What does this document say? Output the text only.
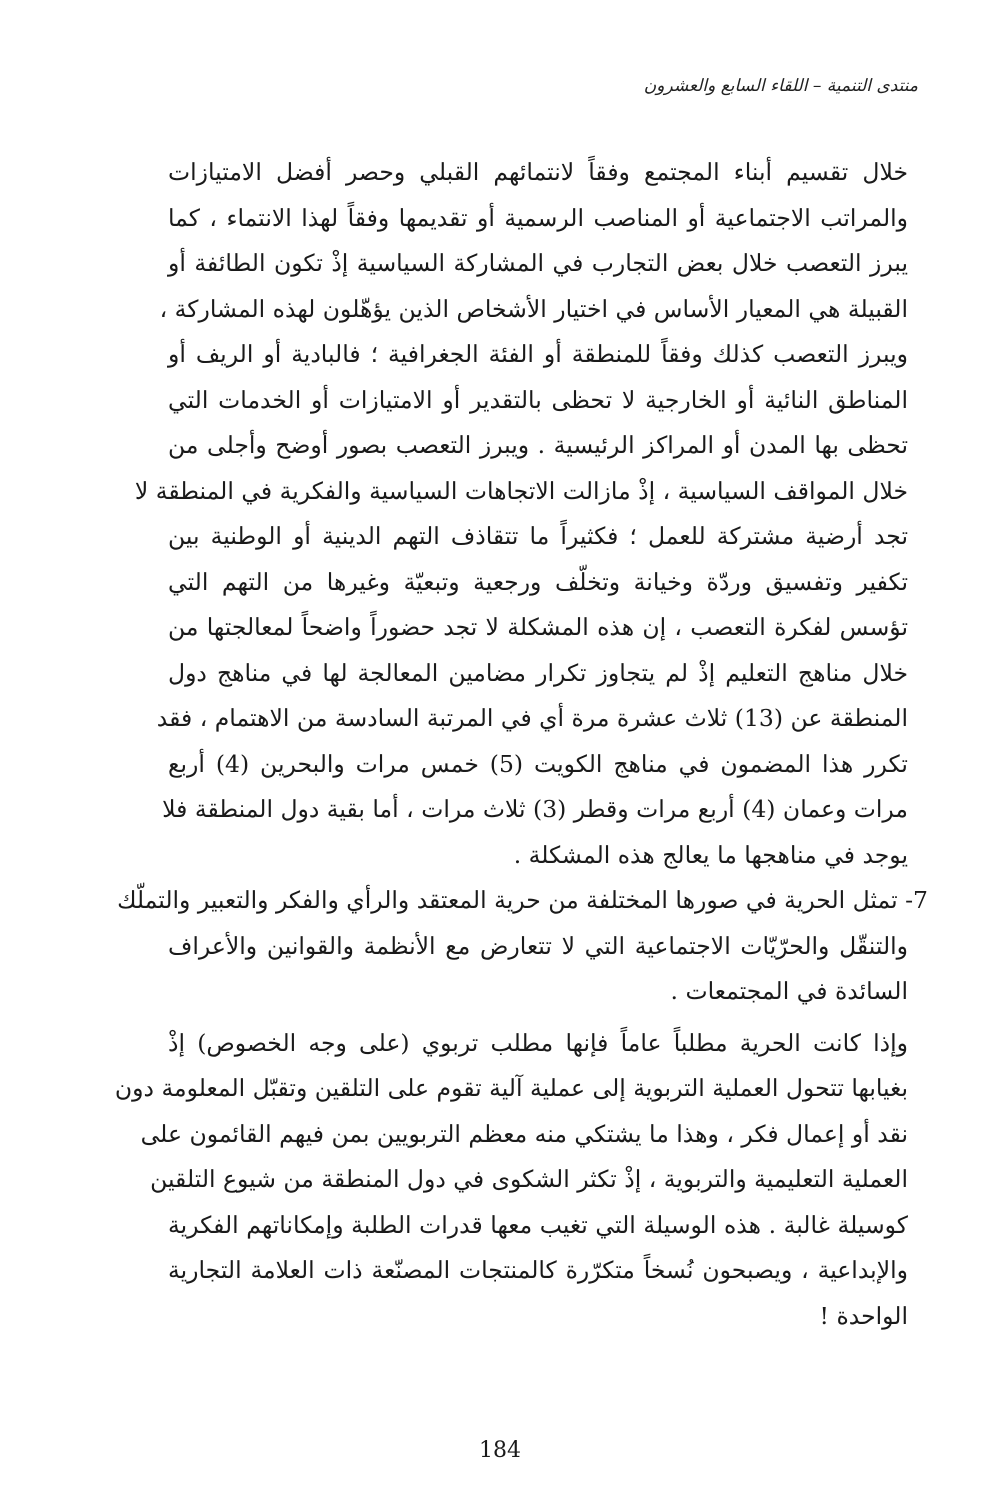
منتدى التنمية – اللقاء السابع والعشرون
خلال تقسيم أبناء المجتمع وفقاً لانتمائهم القبلي وحصر أفضل الامتيازات
والمراتب الاجتماعية أو المناصب الرسمية أو تقديمها وفقاً لهذا الانتماء ، كما
يبرز التعصب خلال بعض التجارب في المشاركة السياسية إذْ تكون الطائفة أو
القبيلة هي المعيار الأساس في اختيار الأشخاص الذين يؤهّلون لهذه المشاركة ،
ويبرز التعصب كذلك وفقاً للمنطقة أو الفئة الجغرافية ؛ فالبادية أو الريف أو
المناطق النائية أو الخارجية لا تحظى بالتقدير أو الامتيازات أو الخدمات التي
تحظى بها المدن أو المراكز الرئيسية . ويبرز التعصب بصور أوضح وأجلى من
خلال المواقف السياسية ، إذْ مازالت الاتجاهات السياسية والفكرية في المنطقة لا
تجد أرضية مشتركة للعمل ؛ فكثيراً ما تتقاذف التهم الدينية أو الوطنية بين
تكفير وتفسيق وردّة وخيانة وتخلّف ورجعية وتبعيّة وغيرها من التهم التي
تؤسس لفكرة التعصب ، إن هذه المشكلة لا تجد حضوراً واضحاً لمعالجتها من
خلال مناهج التعليم إذْ لم يتجاوز تكرار مضامين المعالجة لها في مناهج دول
المنطقة عن (13) ثلاث عشرة مرة أي في المرتبة السادسة من الاهتمام ، فقد
تكرر هذا المضمون في مناهج الكويت (5) خمس مرات والبحرين (4) أربع
مرات وعمان (4) أربع مرات وقطر (3) ثلاث مرات ، أما بقية دول المنطقة فلا
يوجد في مناهجها ما يعالج هذه المشكلة .
7- تمثل الحرية في صورها المختلفة من حرية المعتقد والرأي والفكر والتعبير والتملّك
والتنقّل والحرّيّات الاجتماعية التي لا تتعارض مع الأنظمة والقوانين والأعراف
السائدة في المجتمعات .
وإذا كانت الحرية مطلباً عاماً فإنها مطلب تربوي (على وجه الخصوص) إذْ
بغيابها تتحول العملية التربوية إلى عملية آلية تقوم على التلقين وتقبّل المعلومة دون
نقد أو إعمال فكر ، وهذا ما يشتكي منه معظم التربويين بمن فيهم القائمون على
العملية التعليمية والتربوية ، إذْ تكثر الشكوى في دول المنطقة من شيوع التلقين
كوسيلة غالبة . هذه الوسيلة التي تغيب معها قدرات الطلبة وإمكاناتهم الفكرية
والإبداعية ، ويصبحون نُسخاً متكرّرة كالمنتجات المصنّعة ذات العلامة التجارية
الواحدة !
184
